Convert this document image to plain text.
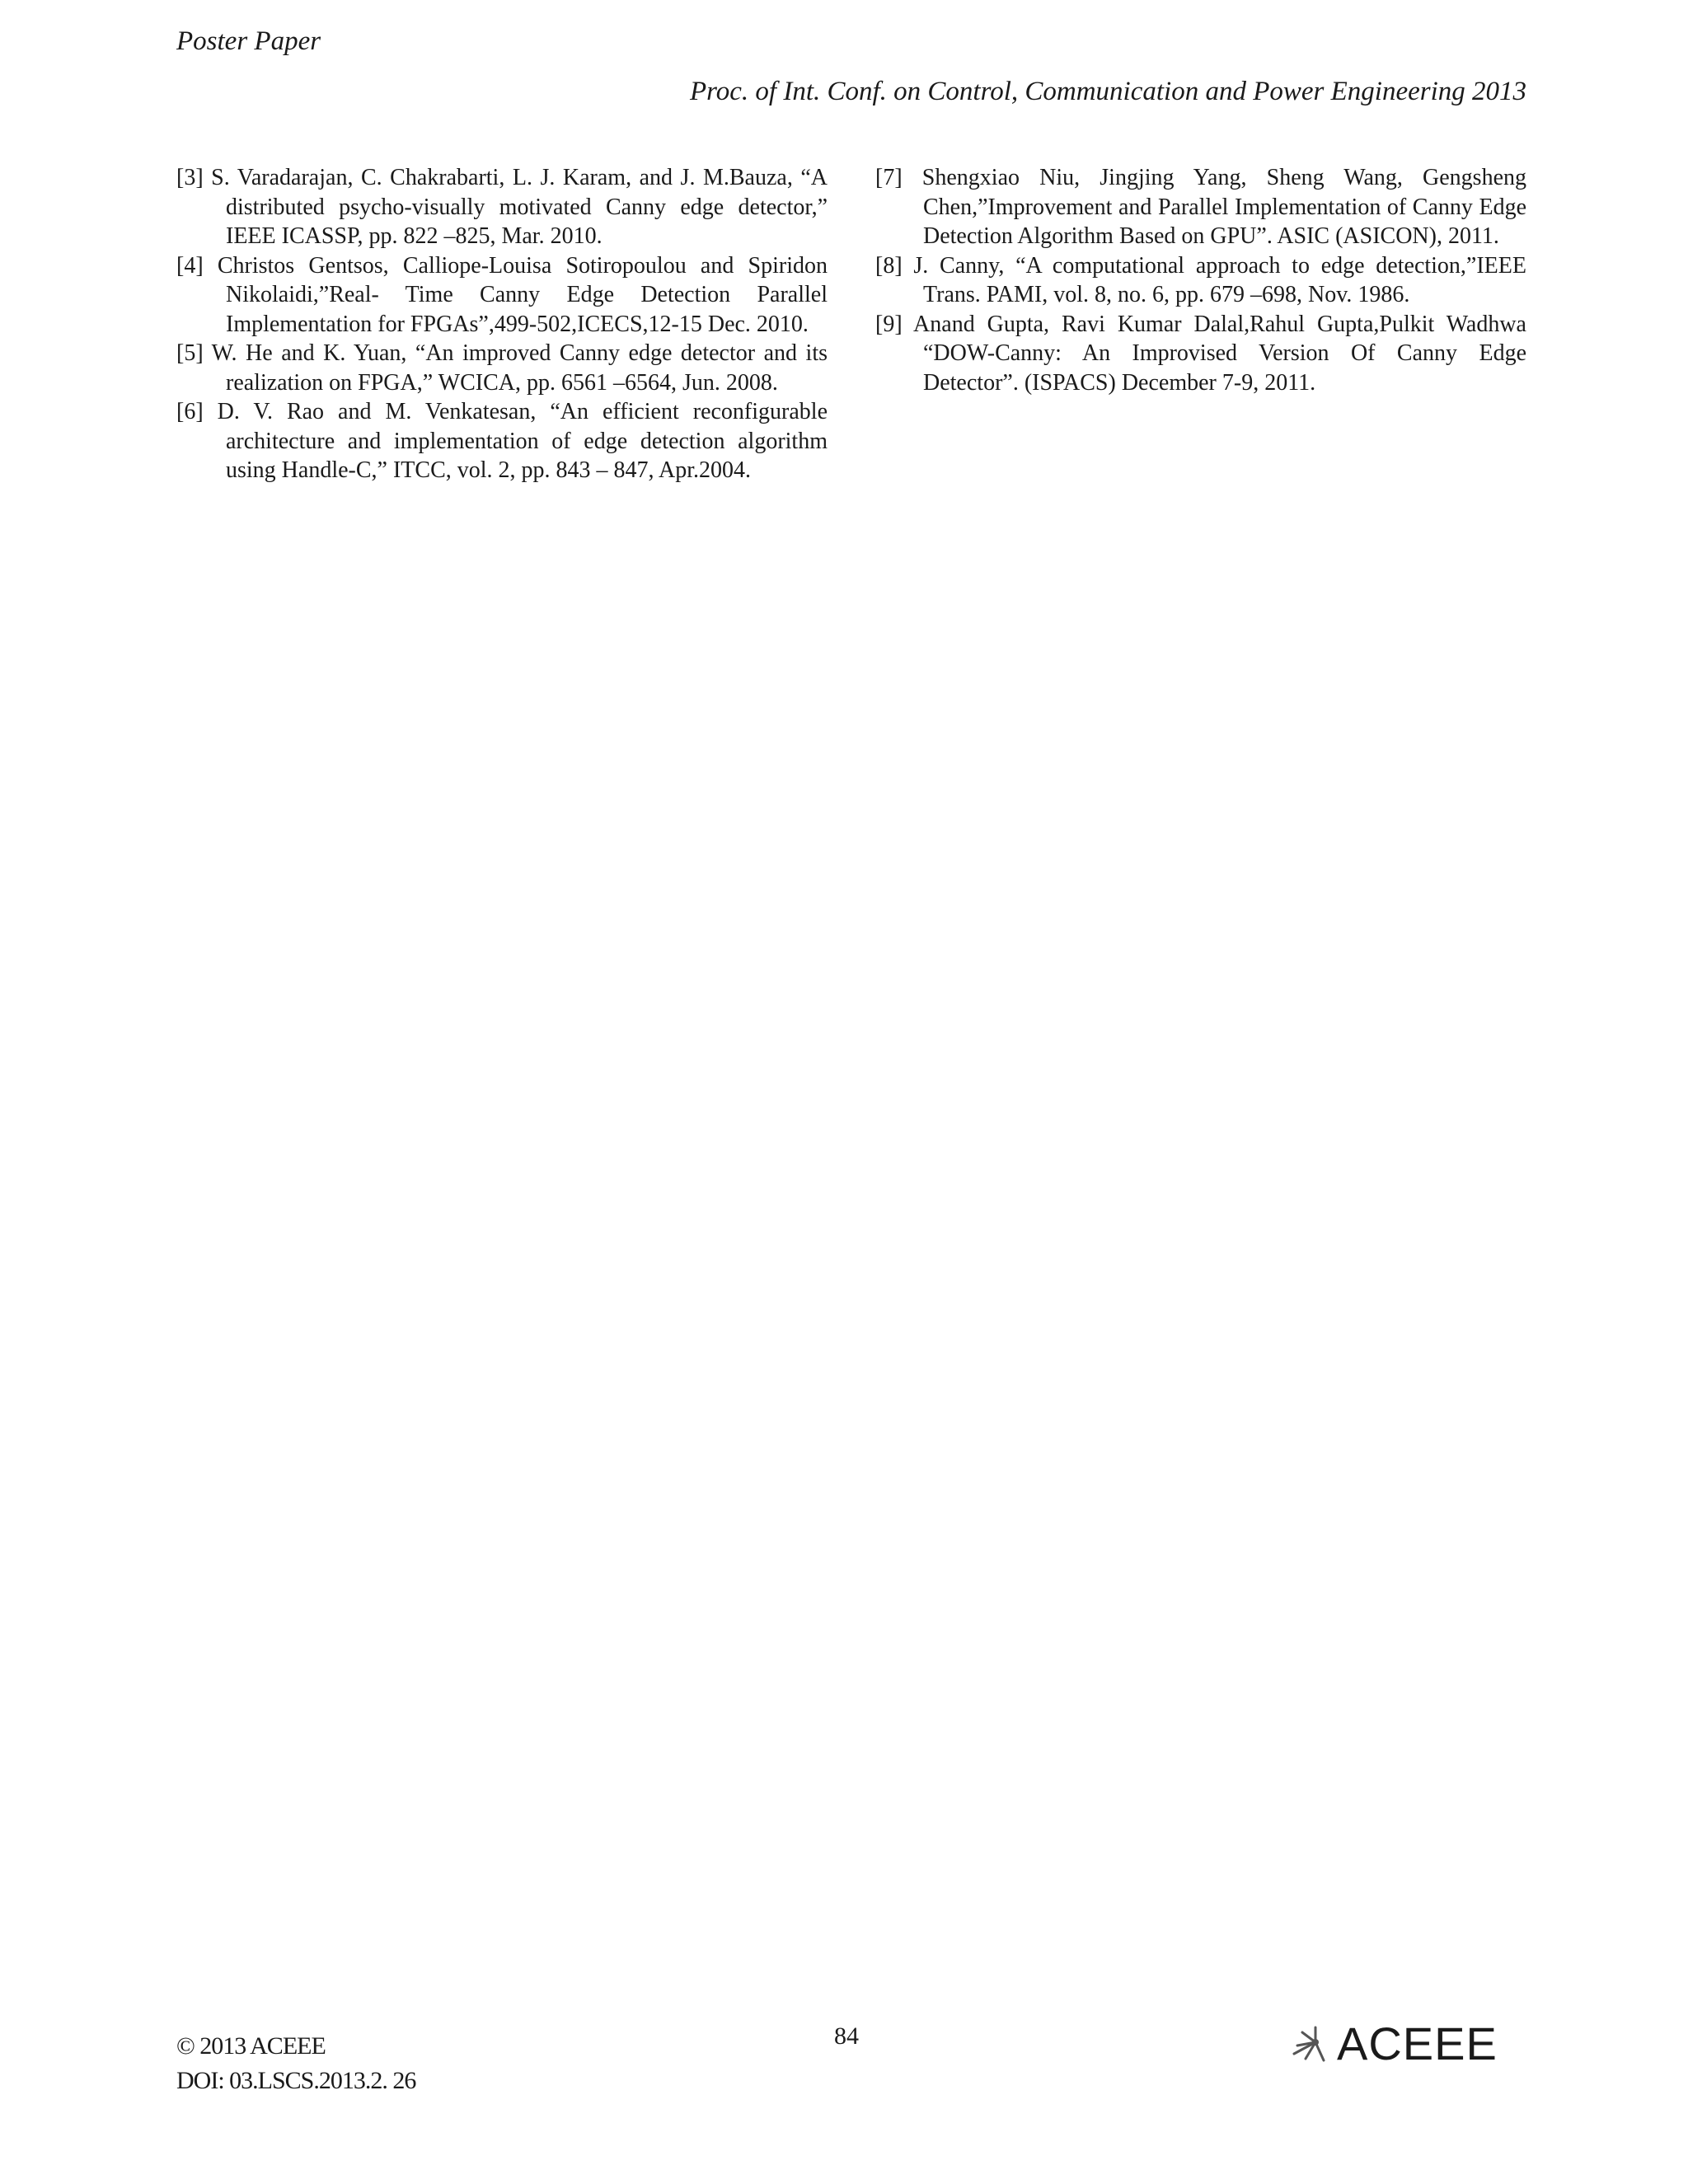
Poster Paper
Proc. of Int. Conf. on Control, Communication and Power Engineering 2013

[3] S. Varadarajan, C. Chakrabarti, L. J. Karam, and J. M.Bauza, “A distributed psycho-visually motivated Canny edge detector,” IEEE ICASSP, pp. 822 –825, Mar. 2010.

[4] Christos Gentsos, Calliope-Louisa Sotiropoulou and Spiridon Nikolaidi,”Real- Time Canny Edge Detection Parallel Implementation for FPGAs”,499-502,ICECS,12-15 Dec. 2010.

[5] W. He and K. Yuan, “An improved Canny edge detector and its realization on FPGA,” WCICA, pp. 6561 –6564, Jun. 2008.

[6] D. V. Rao and M. Venkatesan, “An efficient reconfigurable architecture and implementation of edge detection algorithm using Handle-C,” ITCC, vol. 2, pp. 843 – 847, Apr.2004.

[7] Shengxiao Niu, Jingjing Yang, Sheng Wang, Gengsheng Chen,”Improvement and Parallel Implementation of Canny Edge Detection Algorithm Based on GPU”. ASIC (ASICON), 2011.

[8] J. Canny, “A computational approach to edge detection,”IEEE Trans. PAMI, vol. 8, no. 6, pp. 679 –698, Nov. 1986.

[9] Anand Gupta, Ravi Kumar Dalal,Rahul Gupta,Pulkit Wadhwa “DOW-Canny: An Improvised Version Of Canny Edge Detector”. (ISPACS) December 7-9, 2011.

© 2013 ACEEE
DOI: 03.LSCS.2013.2. 26
84	ACEEE
